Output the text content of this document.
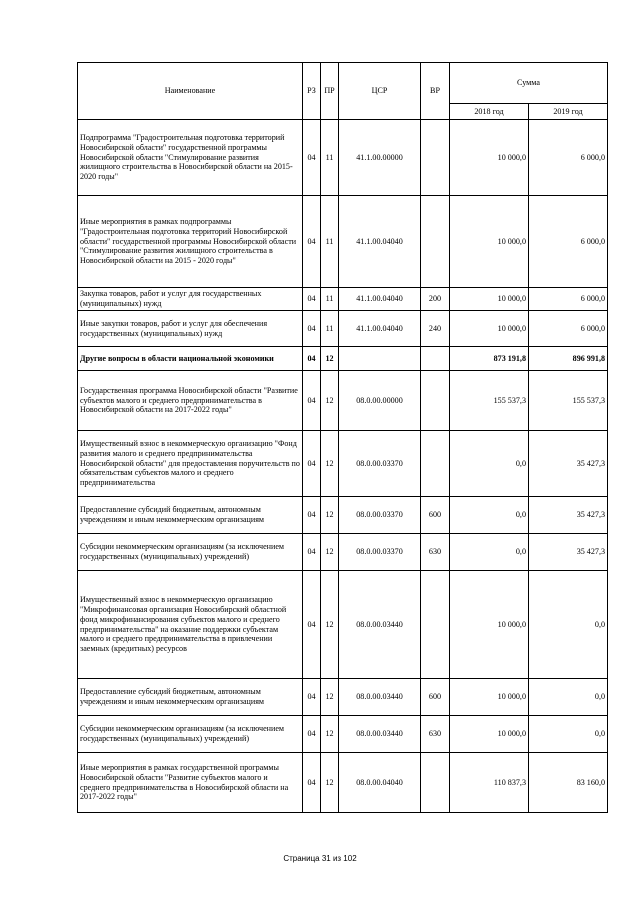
Наименование	РЗ	ПР	ЦСР	ВР	Сумма	
					2018 год	2019 год
Подпрограмма "Градостроительная подготовка территорий Новосибирской области" государственной программы Новосибирской области "Стимулирование развития жилищного строительства в Новосибирской области на 2015-2020 годы"	04	11	41.1.00.00000		10 000,0	6 000,0
Иные мероприятия в рамках подпрограммы "Градостроительная подготовка территорий Новосибирской области" государственной программы Новосибирской области "Стимулирование развития жилищного строительства в Новосибирской области на 2015 - 2020 годы"	04	11	41.1.00.04040		10 000,0	6 000,0
Закупка товаров, работ и услуг для государственных (муниципальных) нужд	04	11	41.1.00.04040	200	10 000,0	6 000,0
Иные закупки товаров, работ и услуг для обеспечения государственных (муниципальных) нужд	04	11	41.1.00.04040	240	10 000,0	6 000,0
Другие вопросы в области национальной экономики	04	12			873 191,8	896 991,8
Государственная программа Новосибирской области "Развитие субъектов малого и среднего предпринимательства в Новосибирской области на 2017-2022 годы"	04	12	08.0.00.00000		155 537,3	155 537,3
Имущественный взнос в некоммерческую организацию "Фонд развития малого и среднего предпринимательства Новосибирской области" для предоставления поручительств по обязательствам субъектов малого и среднего предпринимательства	04	12	08.0.00.03370		0,0	35 427,3
Предоставление субсидий бюджетным, автономным учреждениям и иным некоммерческим организациям	04	12	08.0.00.03370	600	0,0	35 427,3
Субсидии некоммерческим организациям (за исключением государственных (муниципальных) учреждений)	04	12	08.0.00.03370	630	0,0	35 427,3
Имущественный взнос в некоммерческую организацию "Микрофинансовая организация Новосибирский областной фонд микрофинансирования субъектов малого и среднего предпринимательства" на оказание поддержки субъектам малого и среднего предпринимательства в привлечении заемных (кредитных) ресурсов	04	12	08.0.00.03440		10 000,0	0,0
Предоставление субсидий бюджетным, автономным учреждениям и иным некоммерческим организациям	04	12	08.0.00.03440	600	10 000,0	0,0
Субсидии некоммерческим организациям (за исключением государственных (муниципальных) учреждений)	04	12	08.0.00.03440	630	10 000,0	0,0
Иные мероприятия в рамках государственной программы Новосибирской области "Развитие субъектов малого и среднего предпринимательства в Новосибирской области на 2017-2022 годы"	04	12	08.0.00.04040		110 837,3	83 160,0
Страница 31 из 102
